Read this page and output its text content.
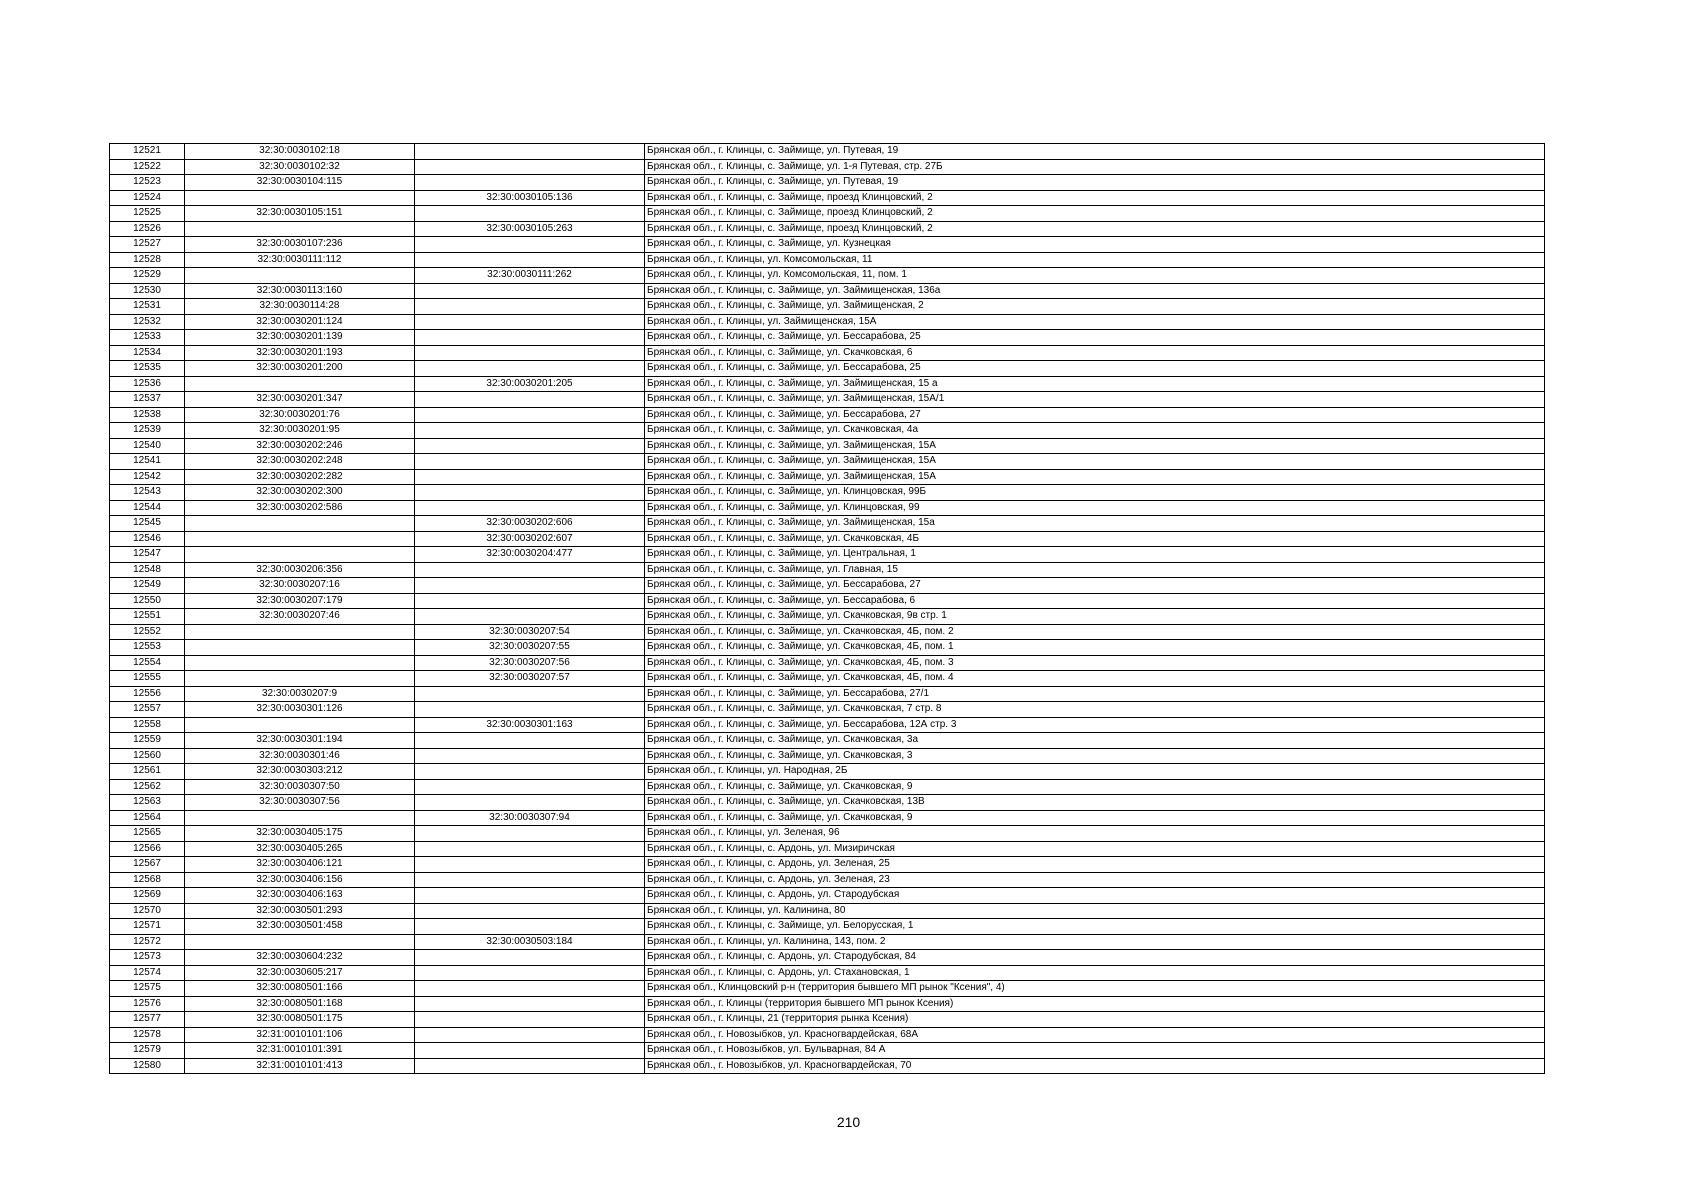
12521	32:30:0030102:18		Брянская обл., г. Клинцы, с. Займище, ул. Путевая, 19
12522	32:30:0030102:32		Брянская обл., г. Клинцы, с. Займище, ул. 1-я Путевая, стр. 27Б
12523	32:30:0030104:115		Брянская обл., г. Клинцы, с. Займище, ул. Путевая, 19
12524		32:30:0030105:136	Брянская обл., г. Клинцы, с. Займище, проезд Клинцовский, 2
12525	32:30:0030105:151		Брянская обл., г. Клинцы, с. Займище, проезд Клинцовский, 2
12526		32:30:0030105:263	Брянская обл., г. Клинцы, с. Займище, проезд Клинцовский, 2
12527	32:30:0030107:236		Брянская обл., г. Клинцы, с. Займище, ул. Кузнецкая
12528	32:30:0030111:112		Брянская обл., г. Клинцы, ул. Комсомольская, 11
12529		32:30:0030111:262	Брянская обл., г. Клинцы, ул. Комсомольская, 11, пом. 1
12530	32:30:0030113:160		Брянская обл., г. Клинцы, с. Займище, ул. Займищенская, 136а
12531	32:30:0030114:28		Брянская обл., г. Клинцы, с. Займище, ул. Займищенская, 2
12532	32:30:0030201:124		Брянская обл., г. Клинцы, ул. Займищенская, 15А
12533	32:30:0030201:139		Брянская обл., г. Клинцы, с. Займище, ул. Бессарабова, 25
12534	32:30:0030201:193		Брянская обл., г. Клинцы, с. Займище, ул. Скачковская, 6
12535	32:30:0030201:200		Брянская обл., г. Клинцы, с. Займище, ул. Бессарабова, 25
12536		32:30:0030201:205	Брянская обл., г. Клинцы, с. Займище, ул. Займищенская, 15 а
12537	32:30:0030201:347		Брянская обл., г. Клинцы, с. Займище, ул. Займищенская, 15А/1
12538	32:30:0030201:76		Брянская обл., г. Клинцы, с. Займище, ул. Бессарабова, 27
12539	32:30:0030201:95		Брянская обл., г. Клинцы, с. Займище, ул. Скачковская, 4а
12540	32:30:0030202:246		Брянская обл., г. Клинцы, с. Займище, ул. Займищенская, 15А
12541	32:30:0030202:248		Брянская обл., г. Клинцы, с. Займище, ул. Займищенская, 15А
12542	32:30:0030202:282		Брянская обл., г. Клинцы, с. Займище, ул. Займищенская, 15А
12543	32:30:0030202:300		Брянская обл., г. Клинцы, с. Займище, ул. Клинцовская, 99Б
12544	32:30:0030202:586		Брянская обл., г. Клинцы, с. Займище, ул. Клинцовская, 99
12545		32:30:0030202:606	Брянская обл., г. Клинцы, с. Займище, ул. Займищенская, 15а
12546		32:30:0030202:607	Брянская обл., г. Клинцы, с. Займище, ул. Скачковская, 4Б
12547		32:30:0030204:477	Брянская обл., г. Клинцы, с. Займище, ул. Центральная, 1
12548	32:30:0030206:356		Брянская обл., г. Клинцы, с. Займище, ул. Главная, 15
12549	32:30:0030207:16		Брянская обл., г. Клинцы, с. Займище, ул. Бессарабова, 27
12550	32:30:0030207:179		Брянская обл., г. Клинцы, с. Займище, ул. Бессарабова, 6
12551	32:30:0030207:46		Брянская обл., г. Клинцы, с. Займище, ул. Скачковская, 9в стр. 1
12552		32:30:0030207:54	Брянская обл., г. Клинцы, с. Займище, ул. Скачковская, 4Б, пом. 2
12553		32:30:0030207:55	Брянская обл., г. Клинцы, с. Займище, ул. Скачковская, 4Б, пом. 1
12554		32:30:0030207:56	Брянская обл., г. Клинцы, с. Займище, ул. Скачковская, 4Б, пом. 3
12555		32:30:0030207:57	Брянская обл., г. Клинцы, с. Займище, ул. Скачковская, 4Б, пом. 4
12556	32:30:0030207:9		Брянская обл., г. Клинцы, с. Займище, ул. Бессарабова, 27/1
12557	32:30:0030301:126		Брянская обл., г. Клинцы, с. Займище, ул. Скачковская, 7 стр. 8
12558		32:30:0030301:163	Брянская обл., г. Клинцы, с. Займище, ул. Бессарабова, 12А стр. 3
12559	32:30:0030301:194		Брянская обл., г. Клинцы, с. Займище, ул. Скачковская, 3а
12560	32:30:0030301:46		Брянская обл., г. Клинцы, с. Займище, ул. Скачковская, 3
12561	32:30:0030303:212		Брянская обл., г. Клинцы, ул. Народная, 2Б
12562	32:30:0030307:50		Брянская обл., г. Клинцы, с. Займище, ул. Скачковская, 9
12563	32:30:0030307:56		Брянская обл., г. Клинцы, с. Займище, ул. Скачковская, 13В
12564		32:30:0030307:94	Брянская обл., г. Клинцы, с. Займище, ул. Скачковская, 9
12565	32:30:0030405:175		Брянская обл., г. Клинцы, ул. Зеленая, 96
12566	32:30:0030405:265		Брянская обл., г. Клинцы, с. Ардонь, ул. Мизиричская
12567	32:30:0030406:121		Брянская обл., г. Клинцы, с. Ардонь, ул. Зеленая, 25
12568	32:30:0030406:156		Брянская обл., г. Клинцы, с. Ардонь, ул. Зеленая, 23
12569	32:30:0030406:163		Брянская обл., г. Клинцы, с. Ардонь, ул. Стародубская
12570	32:30:0030501:293		Брянская обл., г. Клинцы, ул. Калинина, 80
12571	32:30:0030501:458		Брянская обл., г. Клинцы, с. Займище, ул. Белорусская, 1
12572		32:30:0030503:184	Брянская обл., г. Клинцы, ул. Калинина, 143, пом. 2
12573	32:30:0030604:232		Брянская обл., г. Клинцы, с. Ардонь, ул. Стародубская, 84
12574	32:30:0030605:217		Брянская обл., г. Клинцы, с. Ардонь, ул. Стахановская, 1
12575	32:30:0080501:166		Брянская обл., Клинцовский р-н (территория бывшего МП рынок "Ксения", 4)
12576	32:30:0080501:168		Брянская обл., г. Клинцы (территория бывшего МП рынок Ксения)
12577	32:30:0080501:175		Брянская обл., г. Клинцы, 21 (территория рынка Ксения)
12578	32:31:0010101:106		Брянская обл., г. Новозыбков, ул. Красногвардейская, 68А
12579	32:31:0010101:391		Брянская обл., г. Новозыбков, ул. Бульварная, 84 А
12580	32:31:0010101:413		Брянская обл., г. Новозыбков, ул. Красногвардейская, 70
210
